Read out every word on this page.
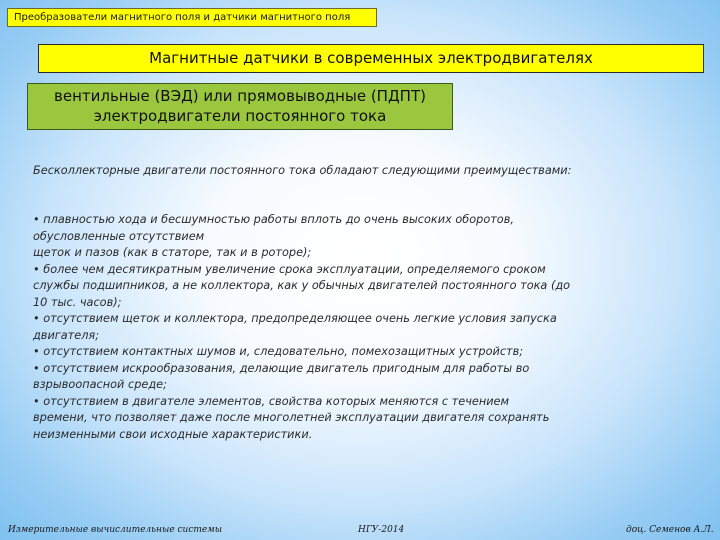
Преобразователи магнитного поля и датчики магнитного поля
Магнитные датчики в современных электродвигателях
вентильные (ВЭД) или прямовыводные (ПДПТ)
электродвигатели постоянного тока
Бесколлекторные двигатели постоянного тока обладают следующими преимуществами:
• плавностью хода и бесшумностью работы вплоть до очень высоких оборотов,
обусловленные отсутствием
щеток и пазов (как в статоре, так и в роторе);
• более чем десятикратным увеличение срока эксплуатации, определяемого сроком
службы подшипников, а не коллектора, как у обычных двигателей постоянного тока (до
10 тыс. часов);
• отсутствием щеток и коллектора, предопределяющее очень легкие условия запуска
двигателя;
• отсутствием контактных шумов и, следовательно, помехозащитных устройств;
• отсутствием искрообразования, делающие двигатель пригодным для работы во
взрывоопасной среде;
• отсутствием в двигателе элементов, свойства которых меняются с течением
времени, что позволяет даже после многолетней эксплуатации двигателя сохранять
неизменными свои исходные характеристики.
Измерительные вычислительные системы	НГУ-2014	доц. Семенов А.Л.
